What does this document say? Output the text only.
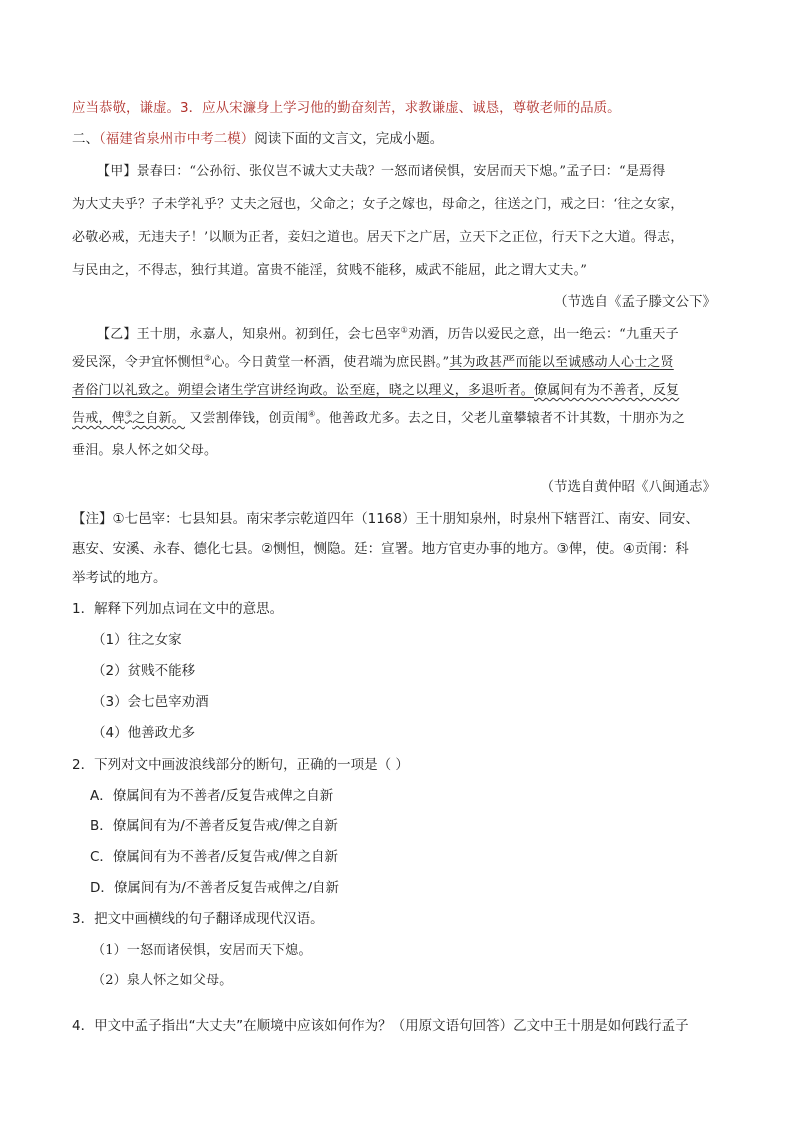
应当恭敬，谦虚。3．应从宋濂身上学习他的勤奋刻苦，求教谦虚、诚恳，尊敬老师的品质。
二、（福建省泉州市中考二模）阅读下面的文言文，完成小题。
【甲】景春曰：“公孙衍、张仪岂不诚大丈夫哉？一怒而诸侯惧，安居而天下熄。”孟子曰：“是焉得
为大丈夫乎？子未学礼乎？丈夫之冠也，父命之；女子之嫁也，母命之，往送之门，戒之曰：‘往之女家，
必敬必戒，无违夫子！’以顺为正者，妾妇之道也。居天下之广居，立天下之正位，行天下之大道。得志，
与民由之，不得志，独行其道。富贵不能淫，贫贱不能移，威武不能屈，此之谓大丈夫。”
（节选自《孟子滕文公下》
【乙】王十朋，永嘉人，知泉州。初到任，会七邑宰①劝酒，历告以爱民之意，出一绝云：“九重天子
爱民深，令尹宜怀恻怛②心。今日黄堂一杯酒，使君端为庶民斟。”其为政甚严而能以至诚感动人心士之贤
者俗门以礼致之。朔望会诸生学宫讲经询政。讼至庭，晓之以理义，多退听者。僚属间有为不善者，反复
告戒，俾③之自新。 又尝割俸钱，创贡闱④。他善政尤多。去之日，父老儿童攀辕者不计其数，十朋亦为之
垂泪。泉人怀之如父母。
（节选自黄仲昭《八闽通志》
【注】①七邑宰：七县知县。南宋孝宗乾道四年（1168）王十朋知泉州，时泉州下辖晋江、南安、同安、
惠安、安溪、永春、德化七县。②恻怛，恻隐。廷：宣署。地方官吏办事的地方。③俾，使。④贡闱：科
举考试的地方。
1．解释下列加点词在文中的意思。
（1）往之女家
（2）贫贱不能移
（3）会七邑宰劝酒
（4）他善政尤多
2．下列对文中画波浪线部分的断句，正确的一项是（ ）
A．僚属间有为不善者/反复告戒俾之自新
B．僚属间有为/不善者反复告戒/俾之自新
C．僚属间有为不善者/反复告戒/俾之自新
D．僚属间有为/不善者反复告戒俾之/自新
3．把文中画横线的句子翻译成现代汉语。
（1）一怒而诸侯惧，安居而天下熄。
（2）泉人怀之如父母。
4．甲文中孟子指出“大丈夫”在顺境中应该如何作为？（用原文语句回答）乙文中王十朋是如何践行孟子
